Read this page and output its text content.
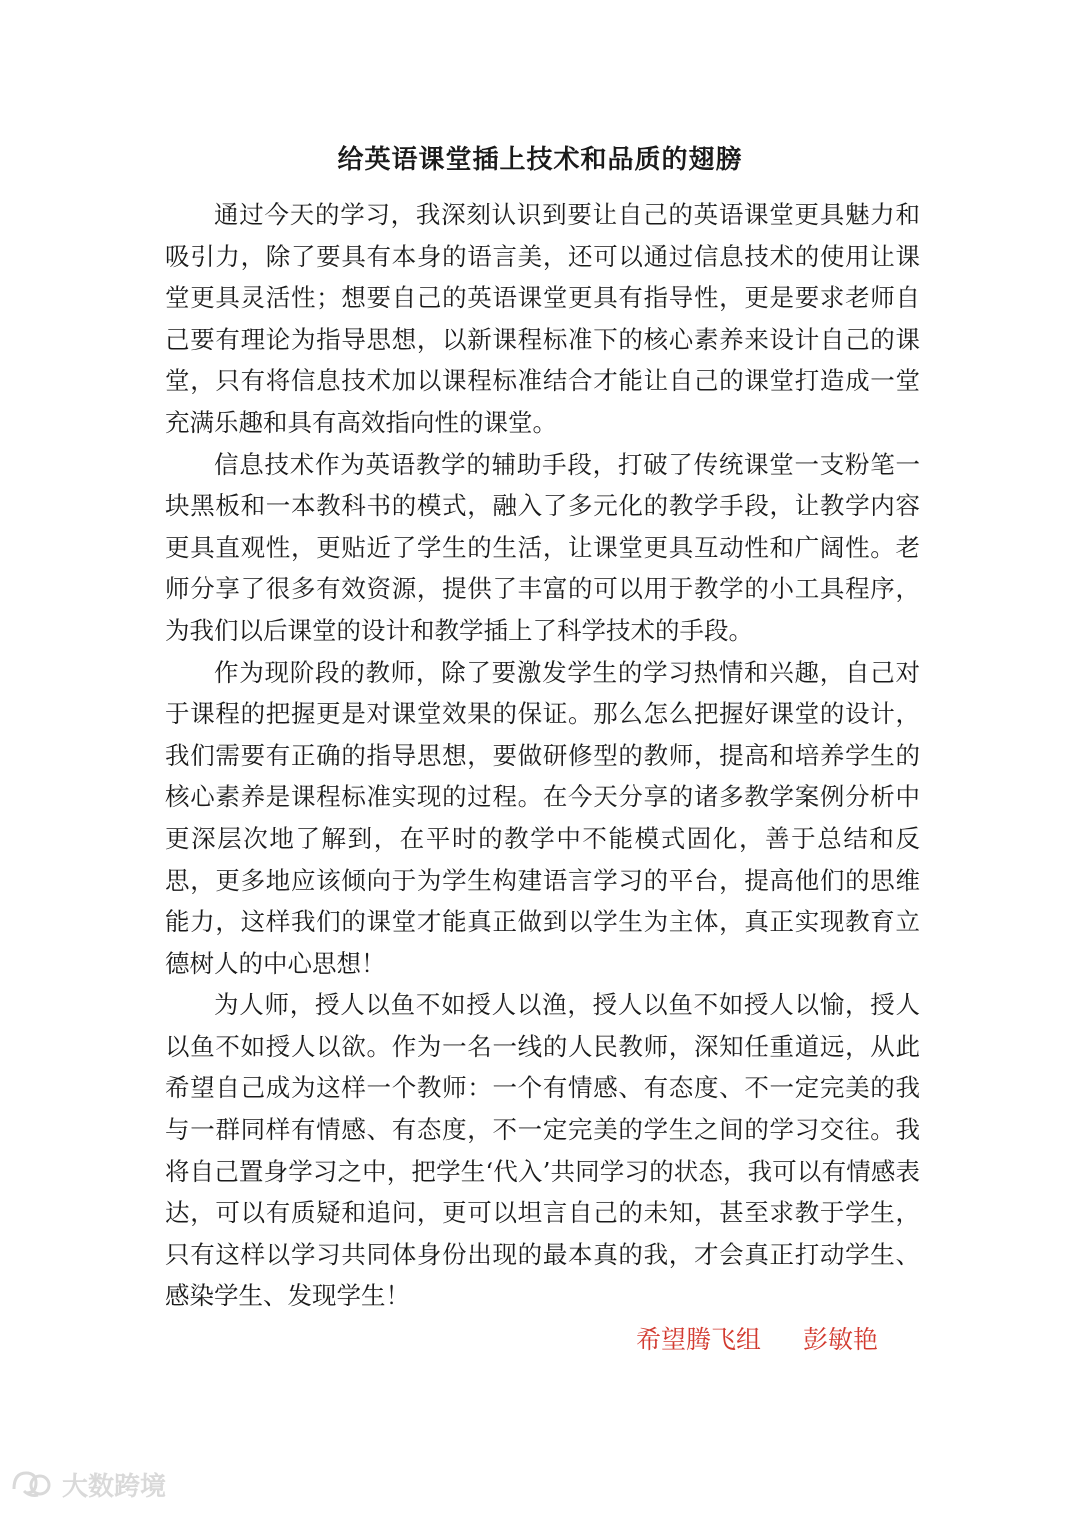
给英语课堂插上技术和品质的翅膀

通过今天的学习，我深刻认识到要让自己的英语课堂更具魅力和吸引力，除了要具有本身的语言美，还可以通过信息技术的使用让课堂更具灵活性；想要自己的英语课堂更具有指导性，更是要求老师自己要有理论为指导思想，以新课程标准下的核心素养来设计自己的课堂，只有将信息技术加以课程标准结合才能让自己的课堂打造成一堂充满乐趣和具有高效指向性的课堂。

信息技术作为英语教学的辅助手段，打破了传统课堂一支粉笔一块黑板和一本教科书的模式，融入了多元化的教学手段，让教学内容更具直观性，更贴近了学生的生活，让课堂更具互动性和广阔性。老师分享了很多有效资源，提供了丰富的可以用于教学的小工具程序，为我们以后课堂的设计和教学插上了科学技术的手段。

作为现阶段的教师，除了要激发学生的学习热情和兴趣，自己对于课程的把握更是对课堂效果的保证。那么怎么把握好课堂的设计，我们需要有正确的指导思想，要做研修型的教师，提高和培养学生的核心素养是课程标准实现的过程。在今天分享的诸多教学案例分析中更深层次地了解到，在平时的教学中不能模式固化，善于总结和反思，更多地应该倾向于为学生构建语言学习的平台，提高他们的思维能力，这样我们的课堂才能真正做到以学生为主体，真正实现教育立德树人的中心思想！

为人师，授人以鱼不如授人以渔，授人以鱼不如授人以愉，授人以鱼不如授人以欲。作为一名一线的人民教师，深知任重道远，从此希望自己成为这样一个教师：一个有情感、有态度、不一定完美的我与一群同样有情感、有态度，不一定完美的学生之间的学习交往。我将自己置身学习之中，把学生‘代入’共同学习的状态，我可以有情感表达，可以有质疑和追问，更可以坦言自己的未知，甚至求教于学生，只有这样以学习共同体身份出现的最本真的我，才会真正打动学生、感染学生、发现学生！

希望腾飞组 彭敏艳
大数跨境
